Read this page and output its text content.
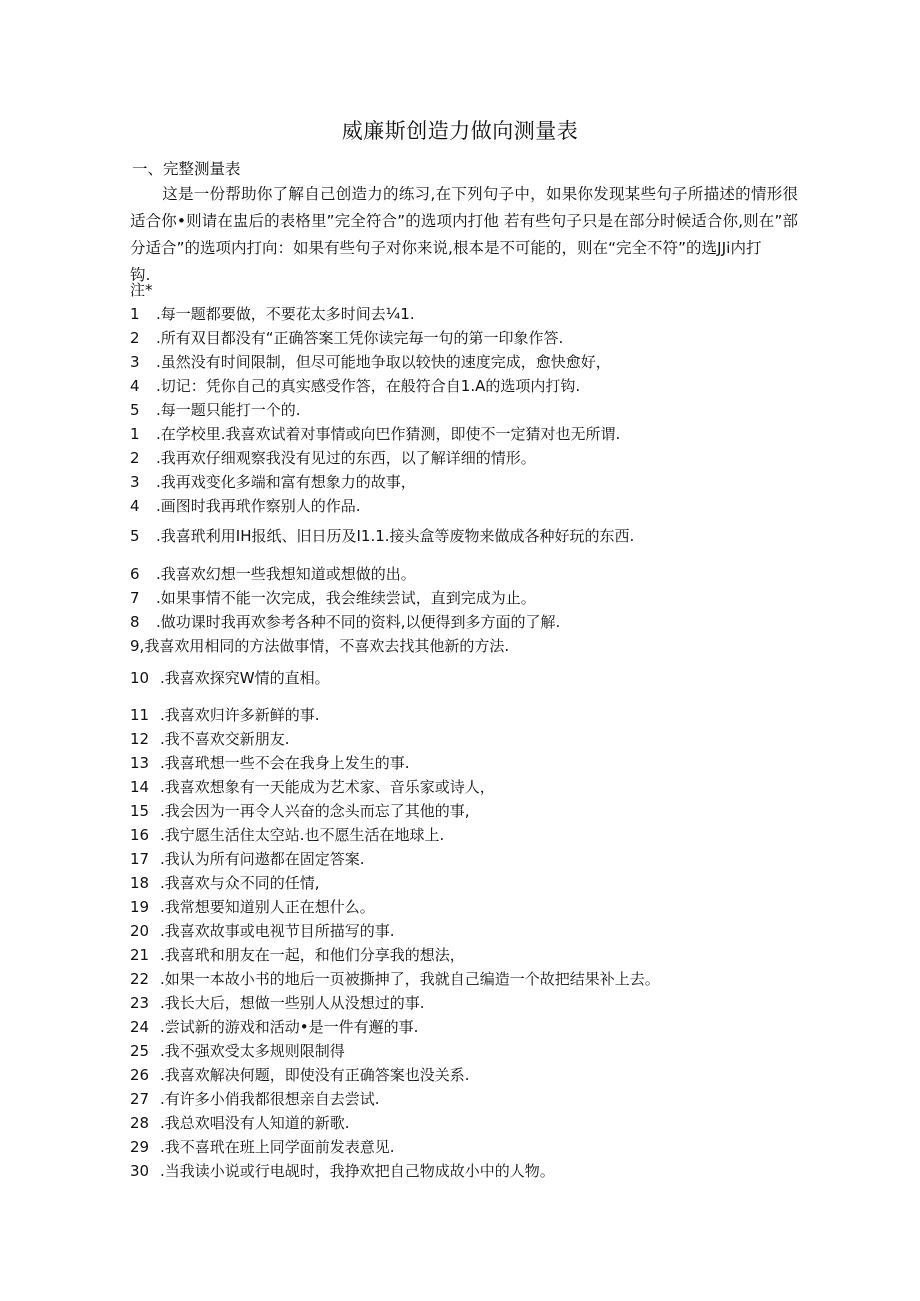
威廉斯创造力做向测量表
一、完整测量表
这是一份帮助你了解自己创造力的练习,在下列句子中，如果你发现某些句子所描述的情形很适合你•则请在盅后的表格里”完全符合”的选项内打他 若有些句子只是在部分时候适合你,则在”部分适合”的选项内打向：如果有些句子对你来说,根本是不可能的，则在“完全不符”的选JJi内打
钩.
注*
1 .每一题都要做，不要花太多时间去¼1.
2 .所有双目都没有“正确答案工凭你读完毎一句的第一印象作答.
3 .虽然没有时间限制，但尽可能地争取以较快的速度完成，愈快愈好，
4 .切记：凭你自己的真实感受作答，在般符合自1.A的选项内打钩.
5 .每一题只能打一个的.
1 .在学校里.我喜欢试着对事情或向巴作猜测，即使不一定猜对也无所谓.
2 .我再欢仔细观察我没有见过的东西，以了解详细的情形。
3 .我再戏变化多端和富有想象力的故事，
4 .画图时我再玳作察别人的作品.
5 .我喜玳利用IH报纸、旧日历及I1.1.接头盒等废物来做成各种好玩的东西.
6 .我喜欢幻想一些我想知道或想做的出。
7 .如果事情不能一次完成，我会维续尝试，直到完成为止。
8 .做功课时我再欢参考各种不同的资料,以便得到多方面的了解.
9,我喜欢用相同的方法做事情，不喜欢去找其他新的方法.
10 .我喜欢探究W情的直相。
11 .我喜欢归许多新鲜的事.
12 .我不喜欢交新朋友.
13 .我喜玳想一些不会在我身上发生的事.
14 .我喜欢想象有一天能成为艺术家、音乐家或诗人，
15 .我会因为一再令人兴奋的念头而忘了其他的事,
16 .我宁愿生活住太空站.也不愿生活在地球上.
17 .我认为所有问遨都在固定答案.
18 .我喜欢与众不同的任情,
19 .我常想要知道别人正在想什么。
20 .我喜欢故事或电视节目所描写的事.
21 .我喜玳和朋友在一起，和他们分享我的想法，
22 .如果一本故小书的地后一页被撕抻了，我就自己编造一个故把结果补上去。
23 .我长大后，想做一些别人从没想过的事.
24 .尝试新的游戏和活动•是一件有邂的事.
25 .我不强欢受太多规则限制得
26 .我喜欢解决何题，即使没有正确答案也没关系.
27 .有许多小俏我都很想亲自去尝试.
28 .我总欢唱没有人知道的新歌.
29 .我不喜玳在班上同学面前发表意见.
30 .当我读小说或行电觇时，我挣欢把自己物成故小中的人物。
